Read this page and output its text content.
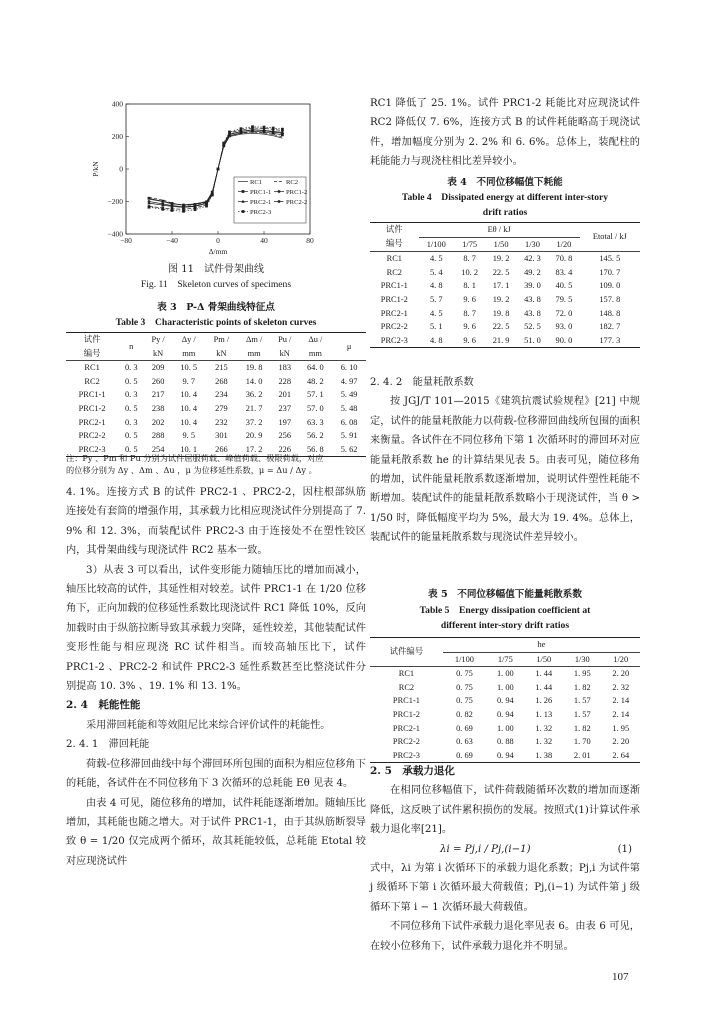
−80	−40	0	40	80
400
200
0
−200
−400
Δ/mm
P/kN
RC1	RC2
PRC1-1 PRC1-2
PRC2-1 PRC2-2
PRC2-3
图 11　试件骨架曲线
Fig. 11　Skeleton curves of specimens
表 3　P-Δ 骨架曲线特征点
Table 3　Characteristic points of skeleton curves
试件	n	Py /	Δy /	Pm /	Δm /	Pu /	Δu /	μ
编号		kN	mm	kN	mm	kN	mm	
RC1	0. 3	209	10. 5	215	19. 8	183	64. 0	6. 10
RC2	0. 5	260	9. 7	268	14. 0	228	48. 2	4. 97
PRC1-1	0. 3	217	10. 4	234	36. 2	201	57. 1	5. 49
PRC1-2	0. 5	238	10. 4	279	21. 7	237	57. 0	5. 48
PRC2-1	0. 3	202	10. 4	232	37. 2	197	63. 3	6. 08
PRC2-2	0. 5	288	9. 5	301	20. 9	256	56. 2	5. 91
PRC2-3	0. 5	254	10. 1	266	17. 2	226	56. 8	5. 62
注：Py 、Pm 和 Pu 分别为试件屈服荷载、峰值荷载、极限荷载，对应
的位移分别为 Δy 、Δm 、Δu ，μ 为位移延性系数，μ = Δu / Δy 。

4. 1%。连接方式 B 的试件 PRC2-1 、PRC2-2，因柱根部纵筋连接处有套筒的增强作用，其承载力比相应现浇试件分别提高了 7. 9% 和 12. 3%，而装配试件 PRC2-3 由于连接处不在塑性铰区内，其骨架曲线与现浇试件 RC2 基本一致。

3）从表 3 可以看出，试件变形能力随轴压比的增加而减小，轴压比较高的试件，其延性相对较差。试件 PRC1-1 在 1/20 位移角下，正向加载的位移延性系数比现浇试件 RC1 降低 10%，反向加载时由于纵筋拉断导致其承载力突降，延性较差，其他装配试件变形性能与相应现浇 RC 试件相当。而较高轴压比下，试件 PRC1-2 、PRC2-2 和试件 PRC2-3 延性系数甚至比整浇试件分别提高 10. 3% 、19. 1% 和 13. 1%。

2. 4　耗能性能

采用滞回耗能和等效阻尼比来综合评价试件的耗能性。

2. 4. 1　滞回耗能

荷载-位移滞回曲线中每个滞回环所包围的面积为相应位移角下的耗能，各试件在不同位移角下 3 次循环的总耗能 Eθ 见表 4。

由表 4 可见，随位移角的增加，试件耗能逐渐增加。随轴压比增加，其耗能也随之增大。对于试件 PRC1-1，由于其纵筋断裂导致 θ = 1/20 仅完成两个循环，故其耗能较低，总耗能 Etotal 较对应现浇试件

RC1 降低了 25. 1%。试件 PRC1-2 耗能比对应现浇试件 RC2 降低仅 7. 6%，连接方式 B 的试件耗能略高于现浇试件，增加幅度分别为 2. 2% 和 6. 6%。总体上，装配柱的耗能能力与现浇柱相比差异较小。

表 4　不同位移幅值下耗能
Table 4　Dissipated energy at different inter-story
drift ratios
试件	Eθ / kJ					Etotal / kJ
编号	1/100	1/75	1/50	1/30	1/20	
RC1	4. 5	8. 7	19. 2	42. 3	70. 8	145. 5
RC2	5. 4	10. 2	22. 5	49. 2	83. 4	170. 7
PRC1-1	4. 8	8. 1	17. 1	39. 0	40. 5	109. 0
PRC1-2	5. 7	9. 6	19. 2	43. 8	79. 5	157. 8
PRC2-1	4. 5	8. 7	19. 8	43. 8	72. 0	148. 8
PRC2-2	5. 1	9. 6	22. 5	52. 5	93. 0	182. 7
PRC2-3	4. 8	9. 6	21. 9	51. 0	90. 0	177. 3

2. 4. 2　能量耗散系数

按 JGJ/T 101—2015《建筑抗震试验规程》[21] 中规定，试件的能量耗散能力以荷载-位移滞回曲线所包围的面积来衡量。各试件在不同位移角下第 1 次循环时的滞回环对应能量耗散系数 he 的计算结果见表 5。由表可见，随位移角的增加，试件能量耗散系数逐渐增加，说明试件塑性耗能不断增加。装配试件的能量耗散系数略小于现浇试件，当 θ > 1/50 时，降低幅度平均为 5%，最大为 19. 4%。总体上，装配试件的能量耗散系数与现浇试件差异较小。

表 5　不同位移幅值下能量耗散系数
Table 5　Energy dissipation coefficient at
different inter-story drift ratios
试件编号	he				
	1/100	1/75	1/50	1/30	1/20
RC1	0. 75	1. 00	1. 44	1. 95	2. 20
RC2	0. 75	1. 00	1. 44	1. 82	2. 32
PRC1-1	0. 75	0. 94	1. 26	1. 57	2. 14
PRC1-2	0. 82	0. 94	1. 13	1. 57	2. 14
PRC2-1	0. 69	1. 00	1. 32	1. 82	1. 95
PRC2-2	0. 63	0. 88	1. 32	1. 70	2. 20
PRC2-3	0. 69	0. 94	1. 38	2. 01	2. 64

2. 5　承载力退化

在相同位移幅值下，试件荷载随循环次数的增加而逐渐降低，这反映了试件累积损伤的发展。按照式(1)计算试件承载力退化率[21]。

λi = Pj,i / Pj,(i−1)	(1)

式中，λi 为第 i 次循环下的承载力退化系数；Pj,i 为试件第 j 级循环下第 i 次循环最大荷载值；Pj,(i−1) 为试件第 j 级循环下第 i − 1 次循环最大荷载值。

不同位移角下试件承载力退化率见表 6。由表 6 可见，在较小位移角下，试件承载力退化并不明显。

107
